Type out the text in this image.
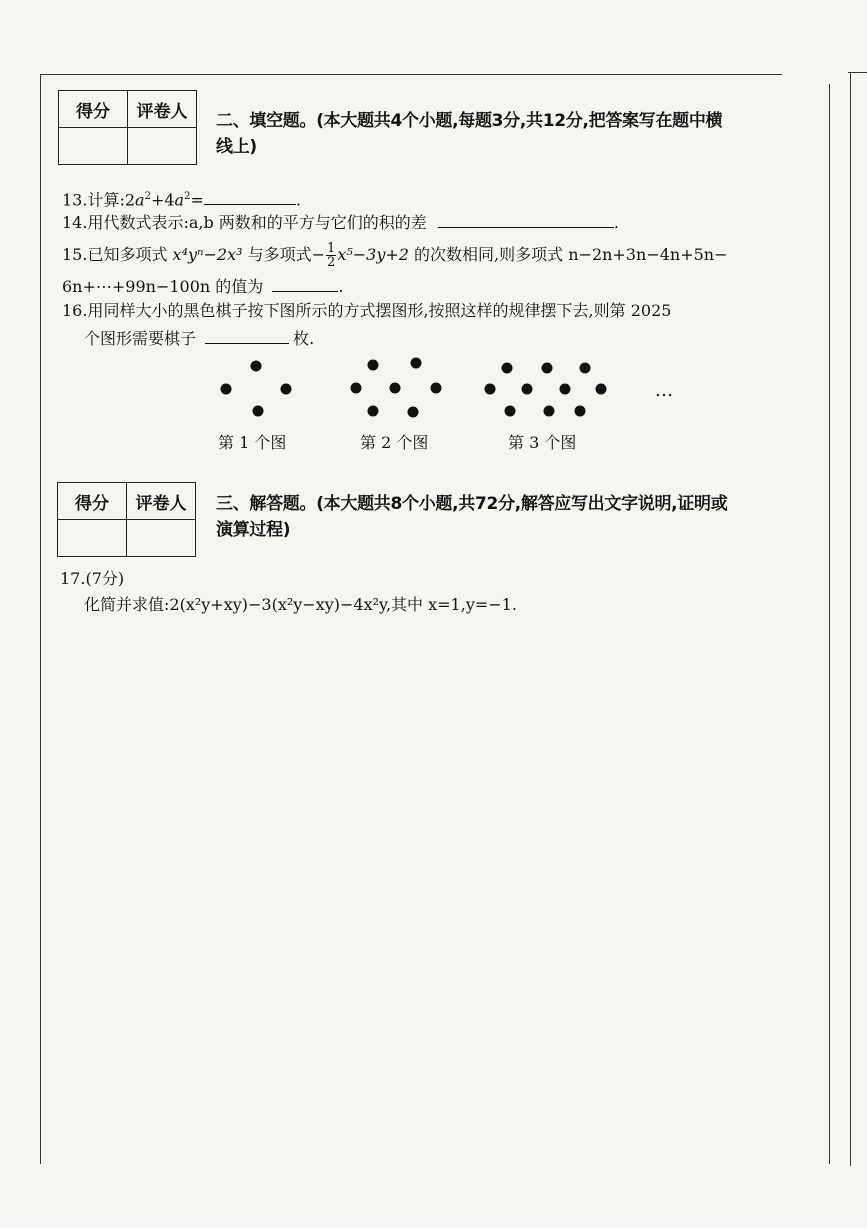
得分	评卷人
	二、填空题。(本大题共4个小题,每题3分,共12分,把答案写在题中横
线上)
13.计算$:2a^2+4a^2=$	.
14.用代数式表示:a,b 两数和的平方与它们的积的差	.
15.已知多项式 x⁴yⁿ−2x³ 与多项式− $\frac{1}{2} x^5-3y+2$ 的次数相同,则多项式 n−2n+3n−4n+5n−
6n+⋯+99n−100n 的值为	.
16.用同样大小的黑色棋子按下图所示的方式摆图形,按照这样的规律摆下去,则第 2025
个图形需要棋子	枚.
…
第 1 个图	第 2 个图	第 3 个图
得分	评卷人
	三、解答题。(本大题共8个小题,共72分,解答应写出文字说明,证明或
演算过程)
17.(7分)
化简并求值:2(x²y+xy)−3(x²y−xy)−4x²y,其中 x=1,y=−1.
